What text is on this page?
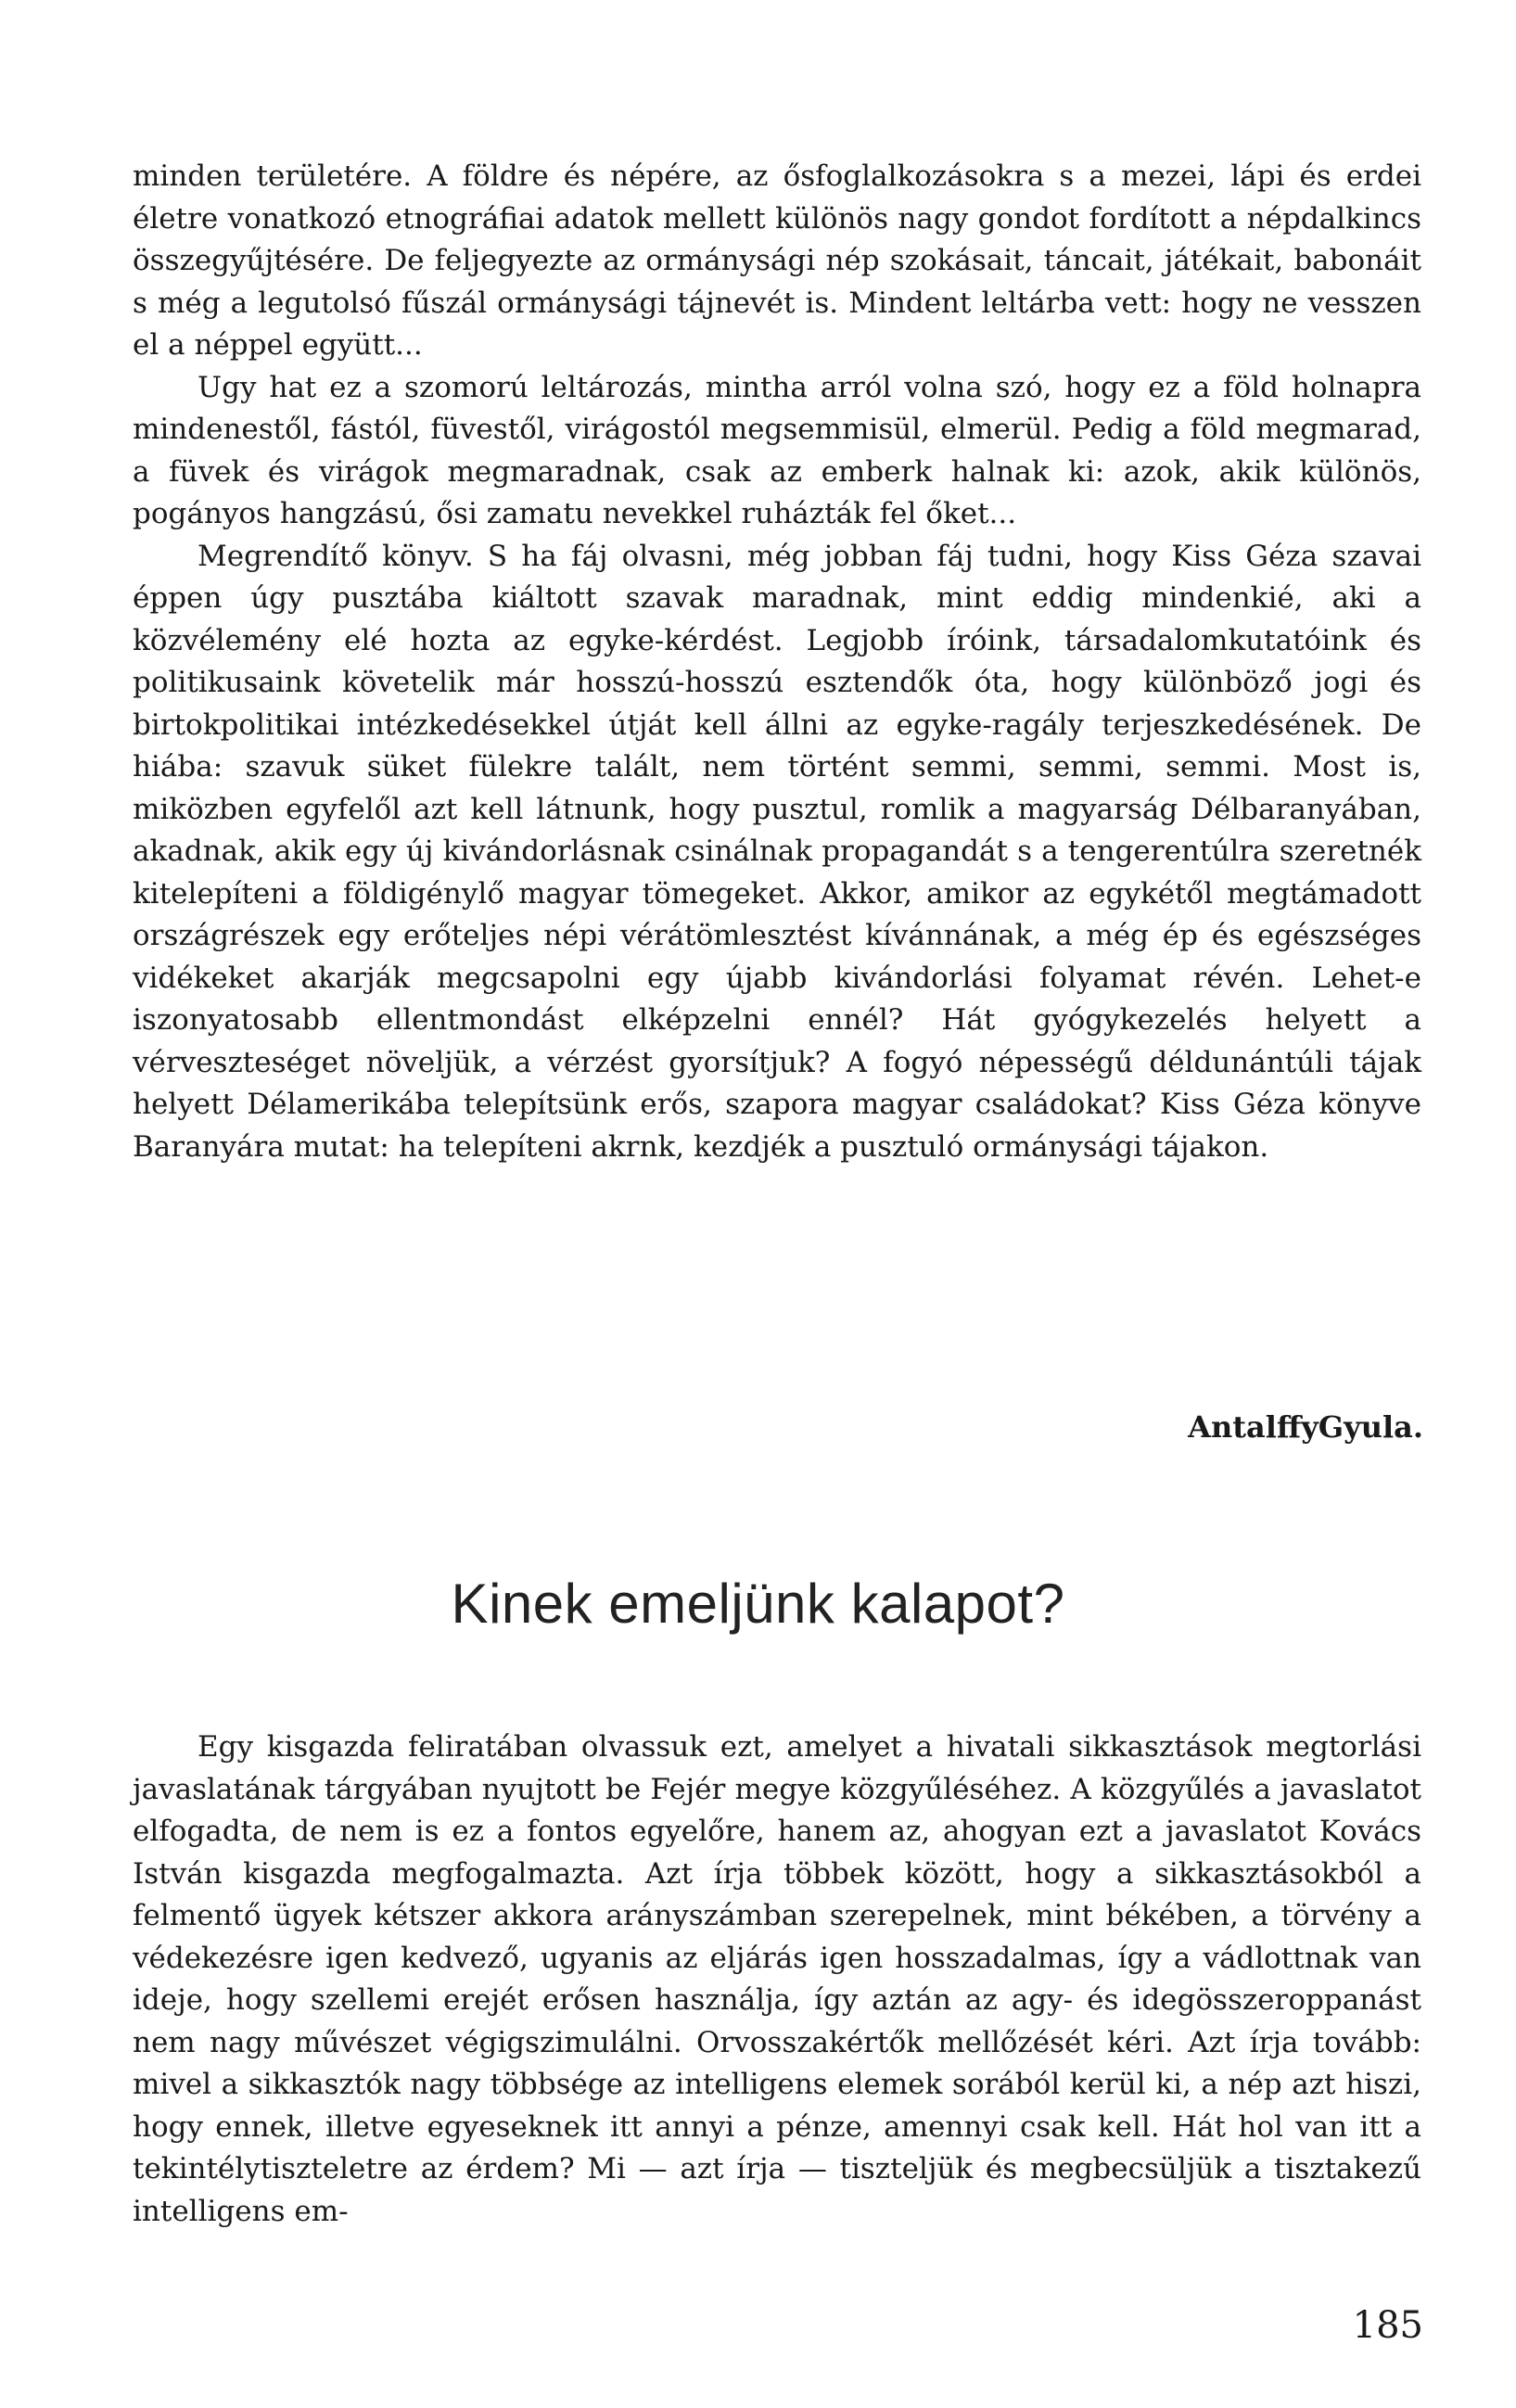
minden területére. A földre és népére, az ősfoglalkozásokra s a mezei, lápi és erdei életre vonatkozó etnográfiai adatok mellett különös nagy gondot fordított a népdalkincs összegyűjtésére. De feljegyezte az ormánysági nép szokásait, táncait, játékait, babonáit s még a legutolsó fűszál ormánysági tájnevét is. Mindent leltárba vett: hogy ne vesszen el a néppel együtt...

Ugy hat ez a szomorú leltározás, mintha arról volna szó, hogy ez a föld holnapra mindenestől, fástól, füvestől, virágostól megsemmisül, elmerül. Pedig a föld megmarad, a füvek és virágok megmaradnak, csak az emberk halnak ki: azok, akik különös, pogányos hangzású, ősi zamatu nevekkel ruházták fel őket...

Megrendítő könyv. S ha fáj olvasni, még jobban fáj tudni, hogy Kiss Géza szavai éppen úgy pusztába kiáltott szavak maradnak, mint eddig mindenkié, aki a közvélemény elé hozta az egyke-kérdést. Legjobb íróink, társadalomkutatóink és politikusaink követelik már hosszú-hosszú esztendők óta, hogy különböző jogi és birtokpolitikai intézkedésekkel útját kell állni az egyke-ragály terjeszkedésének. De hiába: szavuk süket fülekre talált, nem történt semmi, semmi, semmi. Most is, miközben egyfelől azt kell látnunk, hogy pusztul, romlik a magyarság Délbaranyában, akadnak, akik egy új kivándorlásnak csinálnak propagandát s a tengerentúlra szeretnék kitelepíteni a földigénylő magyar tömegeket. Akkor, amikor az egykétől megtámadott országrészek egy erőteljes népi vérátömlesztést kívánnának, a még ép és egészséges vidékeket akarják megcsapolni egy újabb kivándorlási folyamat révén. Lehet-e iszonyatosabb ellentmondást elképzelni ennél? Hát gyógykezelés helyett a vérveszteséget növeljük, a vérzést gyorsítjuk? A fogyó népességű déldunántúli tájak helyett Délamerikába telepítsünk erős, szapora magyar családokat? Kiss Géza könyve Baranyára mutat: ha telepíteni akrnk, kezdjék a pusztuló ormánysági tájakon.

AntalffyGyula.
Kinek emeljünk kalapot?

Egy kisgazda feliratában olvassuk ezt, amelyet a hivatali sikkasztások megtorlási javaslatának tárgyában nyujtott be Fejér megye közgyűléséhez. A közgyűlés a javaslatot elfogadta, de nem is ez a fontos egyelőre, hanem az, ahogyan ezt a javaslatot Kovács István kisgazda megfogalmazta. Azt írja többek között, hogy a sikkasztásokból a felmentő ügyek kétszer akkora arányszámban szerepelnek, mint békében, a törvény a védekezésre igen kedvező, ugyanis az eljárás igen hosszadalmas, így a vádlottnak van ideje, hogy szellemi erejét erősen használja, így aztán az agy- és idegösszeroppanást nem nagy művészet végigszimulálni. Orvosszakértők mellőzését kéri. Azt írja tovább: mivel a sikkasztók nagy többsége az intelligens elemek sorából kerül ki, a nép azt hiszi, hogy ennek, illetve egyeseknek itt annyi a pénze, amennyi csak kell. Hát hol van itt a tekintélytiszteletre az érdem? Mi — azt írja — tiszteljük és megbecsüljük a tisztakezű intelligens em-

185
